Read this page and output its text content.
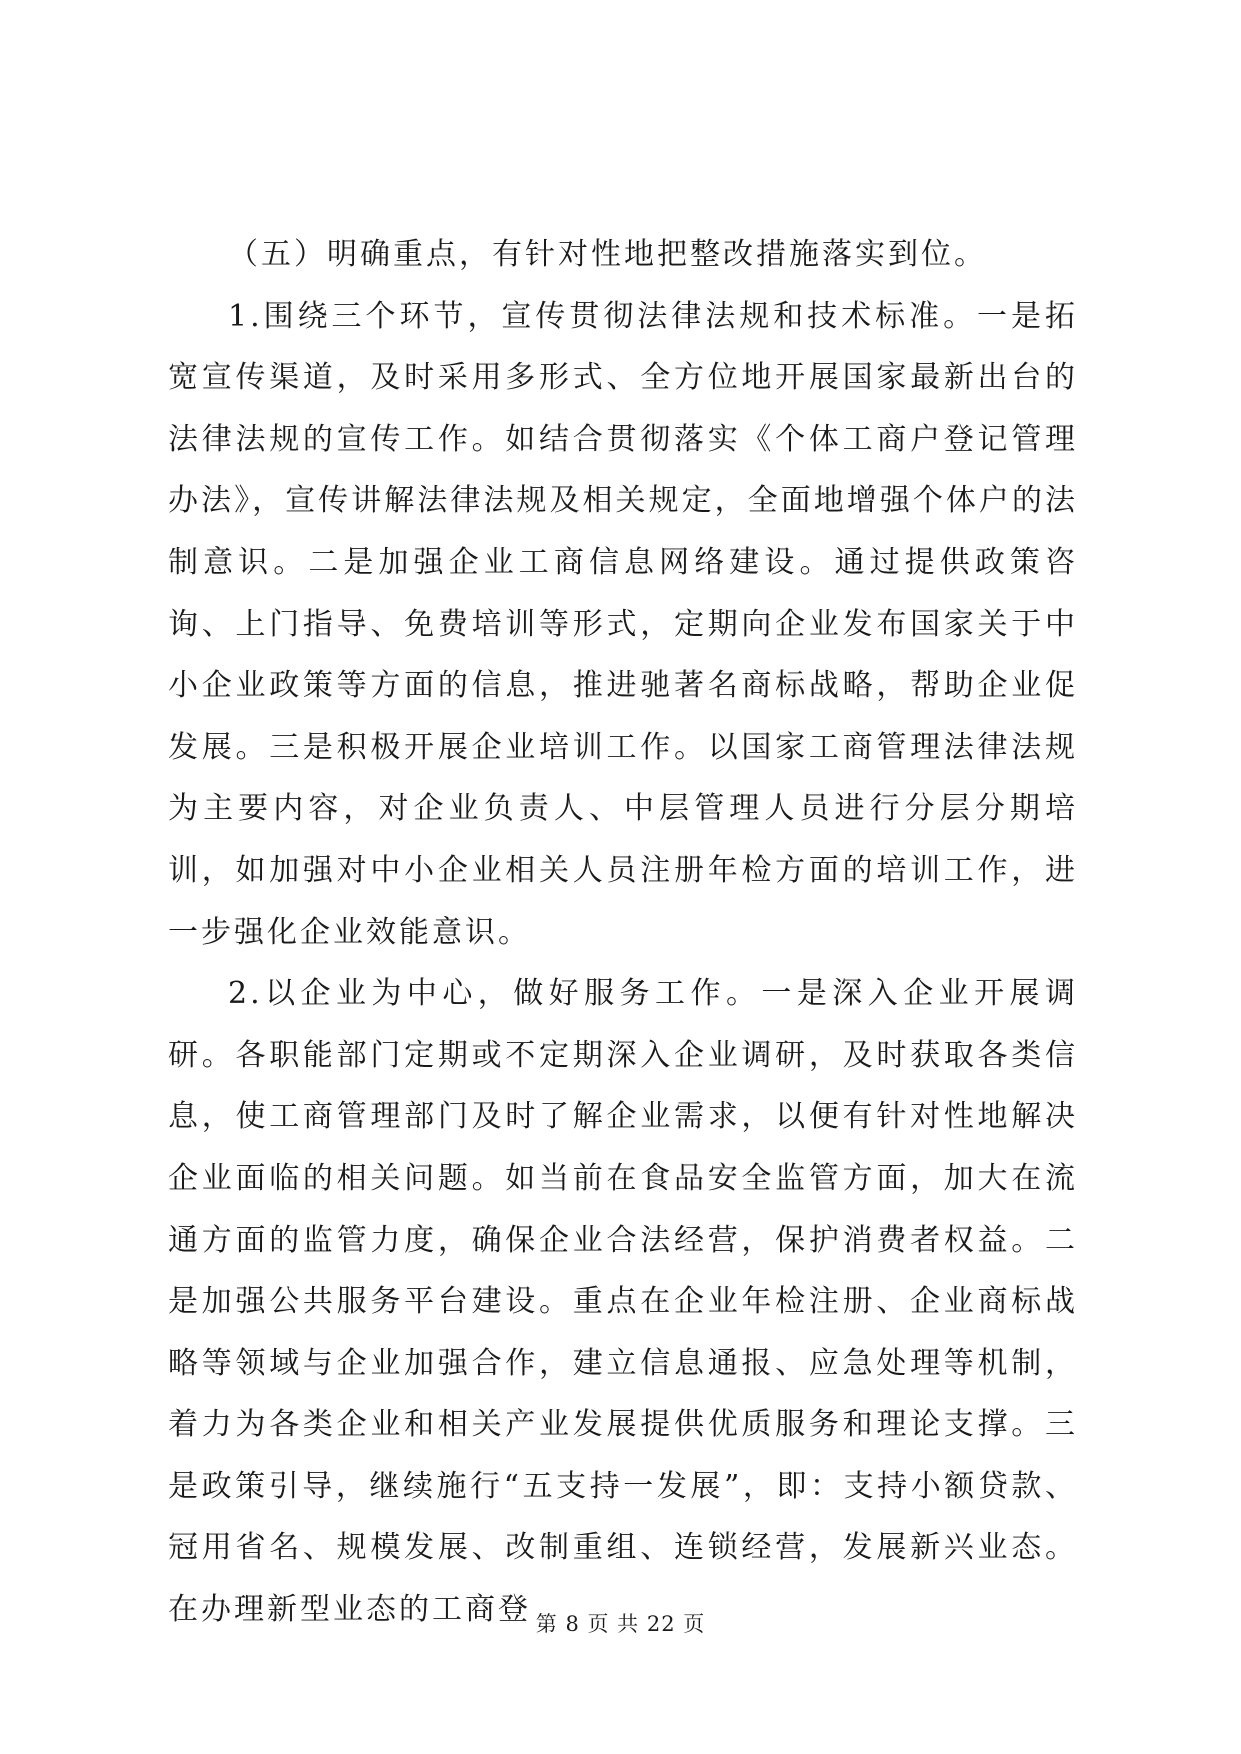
（五）明确重点，有针对性地把整改措施落实到位。

1.围绕三个环节，宣传贯彻法律法规和技术标准。一是拓宽宣传渠道，及时采用多形式、全方位地开展国家最新出台的法律法规的宣传工作。如结合贯彻落实《个体工商户登记管理办法》，宣传讲解法律法规及相关规定，全面地增强个体户的法制意识。二是加强企业工商信息网络建设。通过提供政策咨询、上门指导、免费培训等形式，定期向企业发布国家关于中小企业政策等方面的信息，推进驰著名商标战略，帮助企业促发展。三是积极开展企业培训工作。以国家工商管理法律法规为主要内容，对企业负责人、中层管理人员进行分层分期培训，如加强对中小企业相关人员注册年检方面的培训工作，进一步强化企业效能意识。

2.以企业为中心，做好服务工作。一是深入企业开展调研。各职能部门定期或不定期深入企业调研，及时获取各类信息，使工商管理部门及时了解企业需求，以便有针对性地解决企业面临的相关问题。如当前在食品安全监管方面，加大在流通方面的监管力度，确保企业合法经营，保护消费者权益。二是加强公共服务平台建设。重点在企业年检注册、企业商标战略等领域与企业加强合作，建立信息通报、应急处理等机制，着力为各类企业和相关产业发展提供优质服务和理论支撑。三是政策引导，继续施行“五支持一发展”，即：支持小额贷款、冠用省名、规模发展、改制重组、连锁经营，发展新兴业态。在办理新型业态的工商登 第 8 页 共 22 页
